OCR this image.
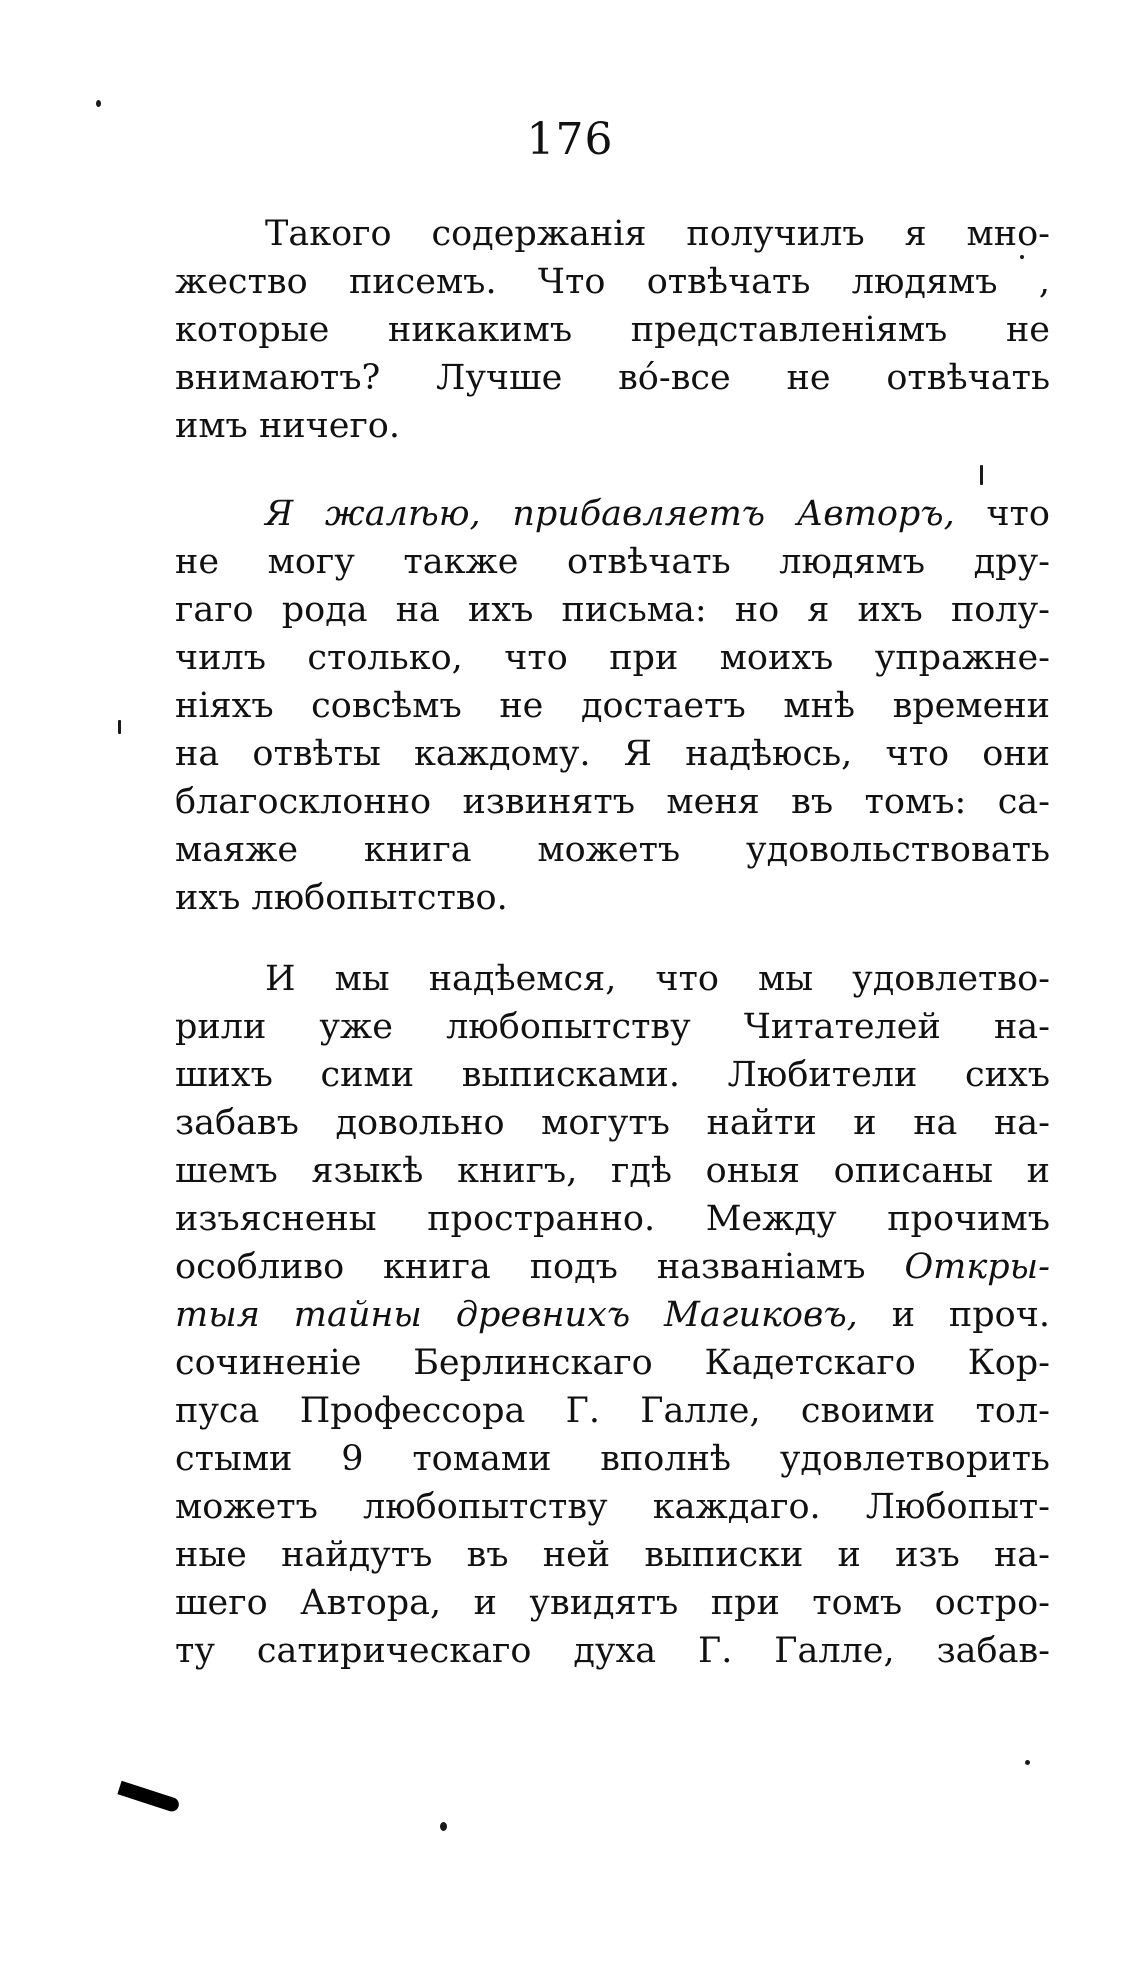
176
Такого содержанія получилъ я мно-
жество писемъ. Что отвѣчать людямъ ,
которые никакимъ представленіямъ не
внимаютъ? Лучше во́-все не отвѣчать
имъ ничего.
Я жалѣю, прибавляетъ Авторъ, что
не могу также отвѣчать людямъ дру-
гаго рода на ихъ письма: но я ихъ полу-
чилъ столько, что при моихъ упражне-
ніяхъ совсѣмъ не достаетъ мнѣ времени
на отвѣты каждому. Я надѣюсь, что они
благосклонно извинятъ меня въ томъ: са-
маяже книга можетъ удовольствовать
ихъ любопытство.
И мы надѣемся, что мы удовлетво-
рили уже любопытству Читателей на-
шихъ сими выписками. Любители сихъ
забавъ довольно могутъ найти и на на-
шемъ языкѣ книгъ, гдѣ оныя описаны и
изъяснены пространно. Между прочимъ
особливо книга подъ названіамъ Откры-
тыя тайны древнихъ Магиковъ, и проч.
сочиненіе Берлинскаго Кадетскаго Кор-
пуса Профессора Г. Галле, своими тол-
стыми 9 томами вполнѣ удовлетворить
можетъ любопытству каждаго. Любопыт-
ные найдутъ въ ней выписки и изъ на-
шего Автора, и увидятъ при томъ остро-
ту сатирическаго духа Г. Галле, забав-
